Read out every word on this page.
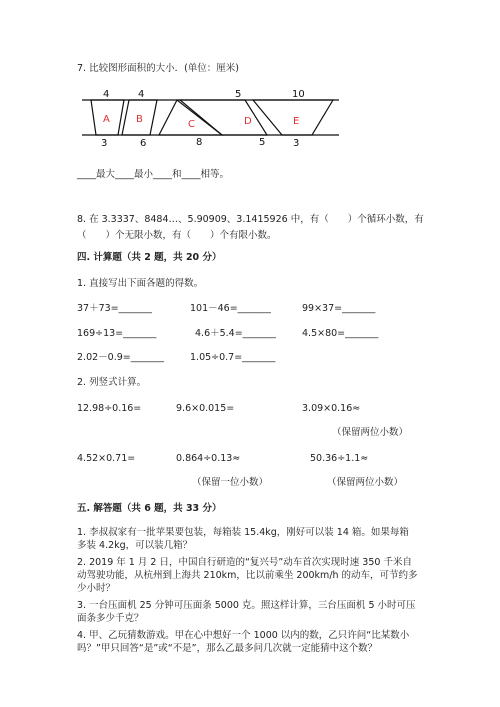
7. 比较图形面积的大小．(单位：厘米)
A	B	C	D	E
4	4	5	10
3	6	8	5	3
____最大____最小____和____相等。
8. 在 3.3337、8484…、5.90909、3.1415926 中，有（　　）个循环小数，有
（　　）个无限小数，有（　　）个有限小数。
四. 计算题（共 2 题，共 20 分）
1. 直接写出下面各题的得数。
37＋73=_______	101－46=_______	99×37=_______
169÷13=_______	4.6＋5.4=_______	4.5×80=_______
2.02－0.9=_______	1.05÷0.7=_______
2. 列竖式计算。
12.98÷0.16=	9.6×0.015=	3.09×0.16≈
（保留两位小数）
4.52×0.71=	0.864÷0.13≈	50.36÷1.1≈
（保留一位小数）	（保留两位小数）
五. 解答题（共 6 题，共 33 分）
1. 李叔叔家有一批苹果要包装，每箱装 15.4kg，刚好可以装 14 箱。如果每箱
多装 4.2kg，可以装几箱？
2. 2019 年 1 月 2 日，中国自行研造的“复兴号”动车首次实现时速 350 千米自
动驾驶功能，从杭州到上海共 210km，比以前乘坐 200km/h 的动车，可节约多
少小时？
3. 一台压面机 25 分钟可压面条 5000 克。照这样计算，三台压面机 5 小时可压
面条多少千克？
4. 甲、乙玩猜数游戏。甲在心中想好一个 1000 以内的数，乙只许问“比某数小
吗？”甲只回答“是”或“不是”，那么乙最多问几次就一定能猜中这个数？
